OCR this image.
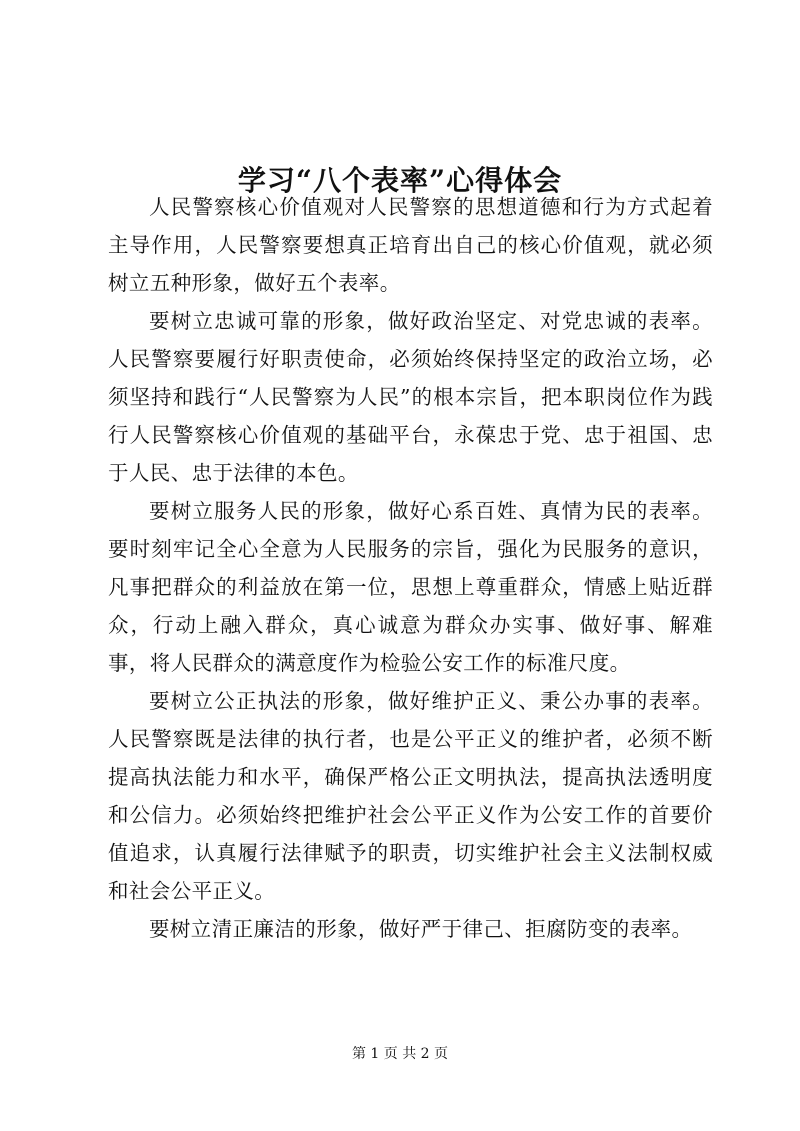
学习“八个表率”心得体会

人民警察核心价值观对人民警察的思想道德和行为方式起着主导作用，人民警察要想真正培育出自己的核心价值观，就必须树立五种形象，做好五个表率。

要树立忠诚可靠的形象，做好政治坚定、对党忠诚的表率。人民警察要履行好职责使命，必须始终保持坚定的政治立场，必须坚持和践行“人民警察为人民”的根本宗旨，把本职岗位作为践行人民警察核心价值观的基础平台，永葆忠于党、忠于祖国、忠于人民、忠于法律的本色。

要树立服务人民的形象，做好心系百姓、真情为民的表率。要时刻牢记全心全意为人民服务的宗旨，强化为民服务的意识，凡事把群众的利益放在第一位，思想上尊重群众，情感上贴近群众，行动上融入群众，真心诚意为群众办实事、做好事、解难事，将人民群众的满意度作为检验公安工作的标准尺度。

要树立公正执法的形象，做好维护正义、秉公办事的表率。人民警察既是法律的执行者，也是公平正义的维护者，必须不断提高执法能力和水平，确保严格公正文明执法，提高执法透明度和公信力。必须始终把维护社会公平正义作为公安工作的首要价值追求，认真履行法律赋予的职责，切实维护社会主义法制权威和社会公平正义。

要树立清正廉洁的形象，做好严于律己、拒腐防变的表率。

第 1 页 共 2 页
